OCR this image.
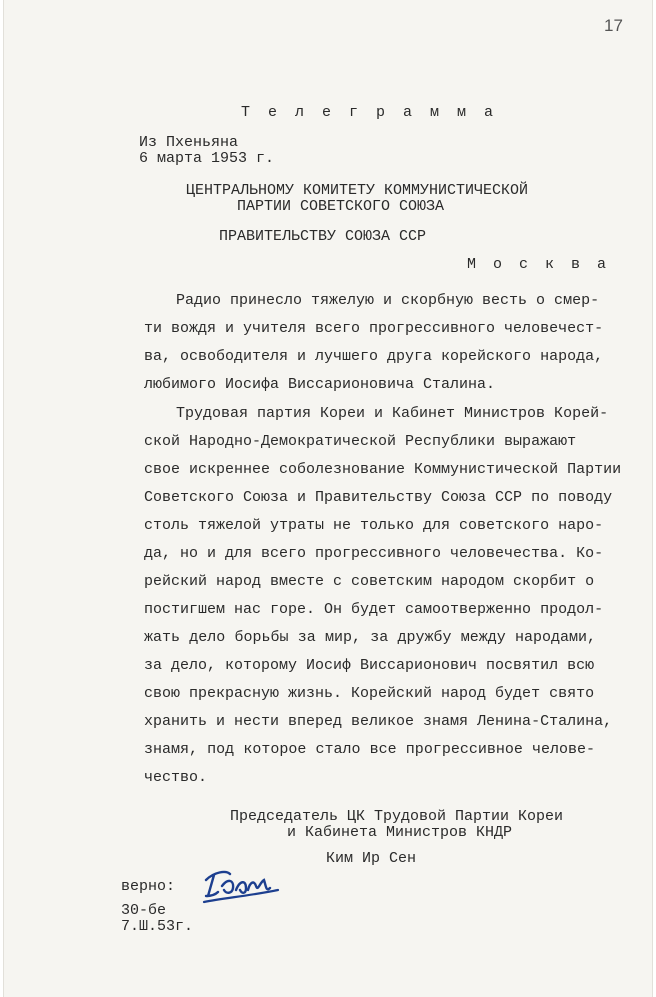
17
Т е л е г р а м м а
Из Пхеньяна
6 марта 1953 г.
ЦЕНТРАЛЬНОМУ КОМИТЕТУ КОММУНИСТИЧЕСКОЙ
ПАРТИИ СОВЕТСКОГО СОЮЗА
ПРАВИТЕЛЬСТВУ СОЮЗА ССР
М о с к в а
Радио принесло тяжелую и скорбную весть о смер-
ти вождя и учителя всего прогрессивного человечест-
ва, освободителя и лучшего друга корейского народа,
любимого Иосифа Виссарионовича Сталина.
Трудовая партия Кореи и Кабинет Министров Корей-
ской Народно-Демократической Республики выражают
свое искреннее соболезнование Коммунистической Партии
Советского Союза и Правительству Союза ССР по поводу
столь тяжелой утраты не только для советского наро-
да, но и для всего прогрессивного человечества. Ко-
рейский народ вместе с советским народом скорбит о
постигшем нас горе. Он будет самоотверженно продол-
жать дело борьбы за мир, за дружбу между народами,
за дело, которому Иосиф Виссарионович посвятил всю
свою прекрасную жизнь. Корейский народ будет свято
хранить и нести вперед великое знамя Ленина-Сталина,
знамя, под которое стало все прогрессивное челове-
чество.
Председатель ЦК Трудовой Партии Кореи
и Кабинета Министров КНДР
Ким Ир Сен
верно:
30-бе
7.Ш.53г.
